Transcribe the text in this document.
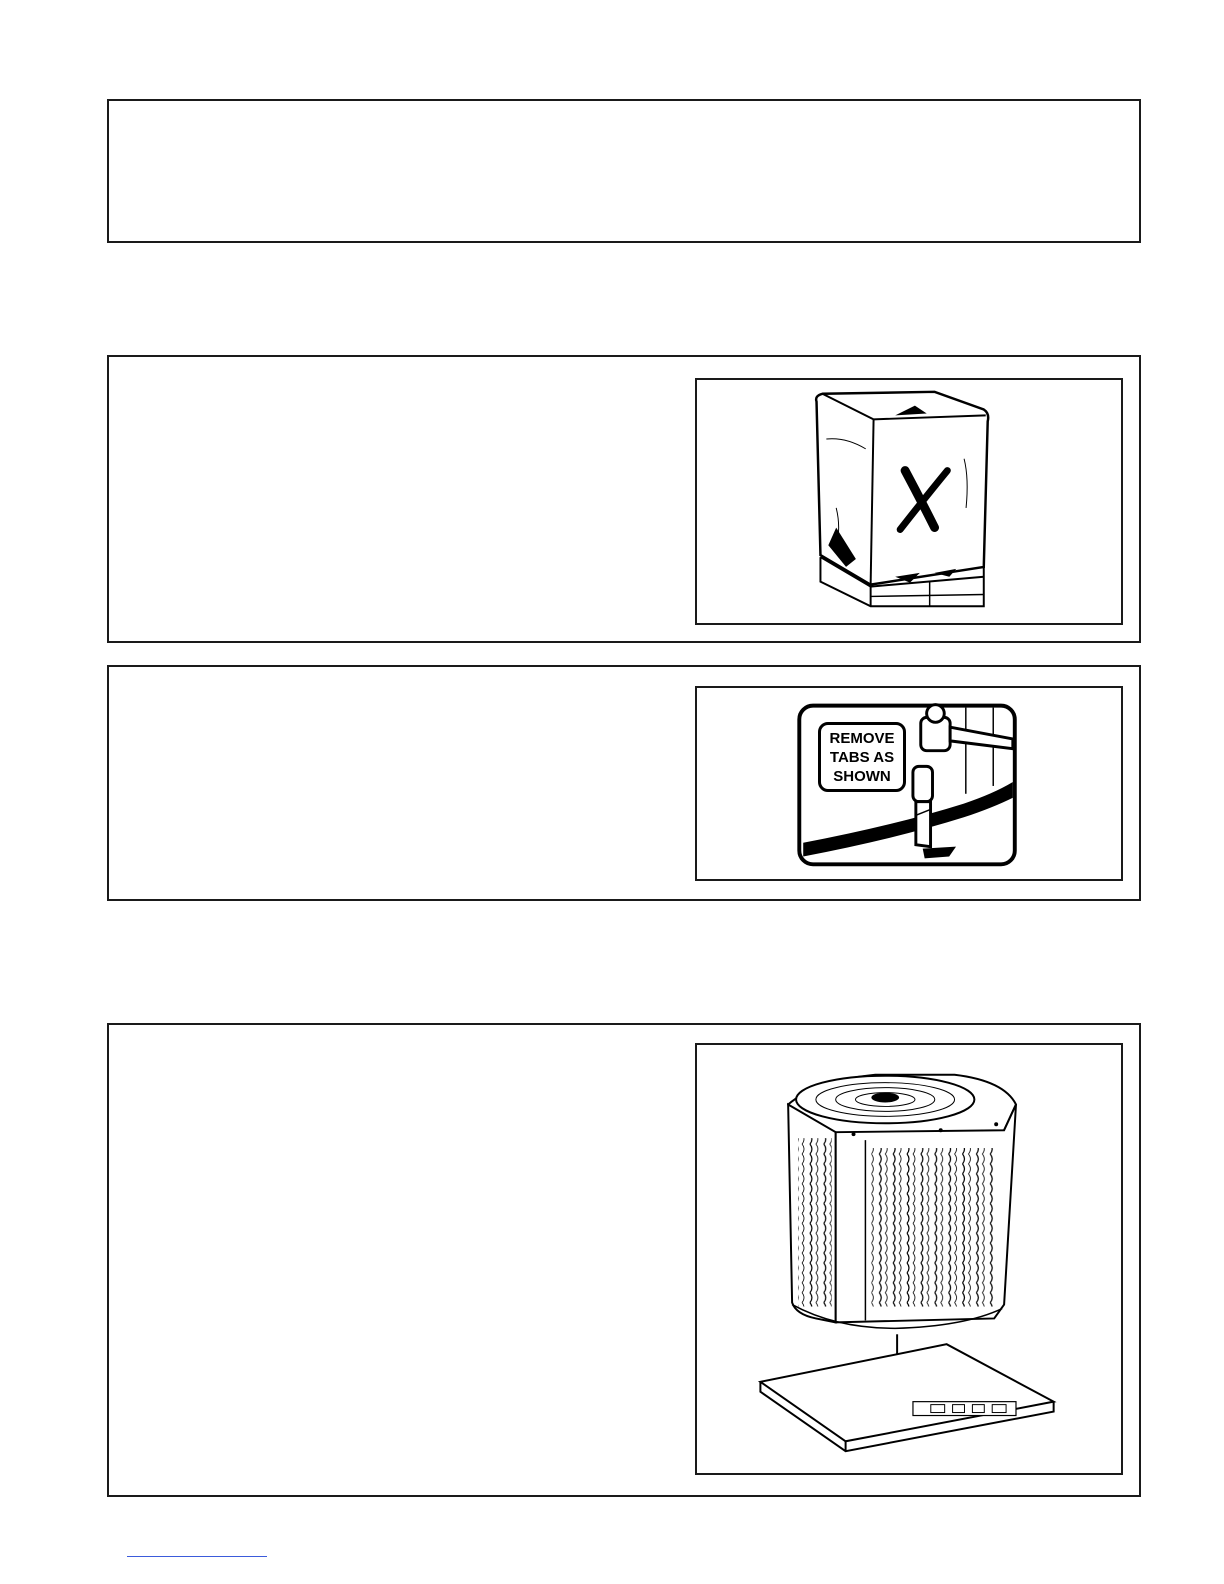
REMOVE
TABS AS
SHOWN
